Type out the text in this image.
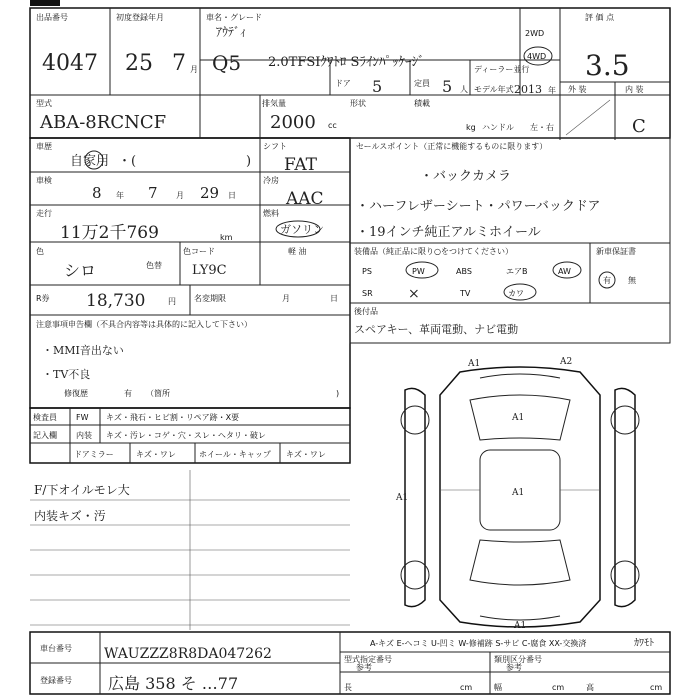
出品番号
4047
初度登録年月
25 7 月
車名・グレード
ｱｳﾃﾞｨ
Q5 2.0TFSIｸﾜﾄﾛ Sﾗｲﾝﾊﾟｯｹｰｼﾞ
2WD
4WD
評 価 点
3.5
型式
ABA-8RCNCF
排気量
2000 cc
ドア 5	定員 5 人
ディーラー並行
モデル年式 2013 年
形状	積載
kg ハンドル 左・右
外 装	内 装
C
車歴
自家用 ・(	)
シフト
FAT
セールスポイント（正常に機能するものに限ります）
・バックカメラ
・ハーフレザーシート・パワーバックドア
・19インチ純正アルミホイール
車検
8 年 7 月 29 日
冷房
AAC
走行
11万2千769	km
燃料
ガソリン
軽 油
色
シロ	色替
色コード
LY9C
装備品（純正品に限り○をつけてください）
PS	PW	ABS	エアB	AW
SR	×	TV	カワ
新車保証書
有 無
R券 18,730	円 名変期限	月	日
後付品
スペアキー、革両電動、ナビ電動
注意事項申告欄（不具合内容等は具体的に記入して下さい）
・MMI音出ない
・TV不良
修復歴	有 （箇所	)
検査員
記入欄
FW キズ・飛石・ヒビ割・リペア跡・X要
内装 キズ・汚レ・コゲ・穴・スレ・ヘタリ・破レ
ドアミラー	キズ・ワレ	ホイール・キャップ キズ・ワレ
F/下オイルモレ大
内装キズ・汚
A1	A2
A1
A1
A1
A1
車台番号 WAUZZZ8R8DA047262
登録番号 広島 358 そ …77
A-キズ E-ヘコミ U-凹ミ W-修補跡 S-サビ C-腐食 XX-交換済	ｶﾜﾓﾄ
型式指定番号
参考
類別区分番号
参考
長	cm	幅	cm	高	cm
